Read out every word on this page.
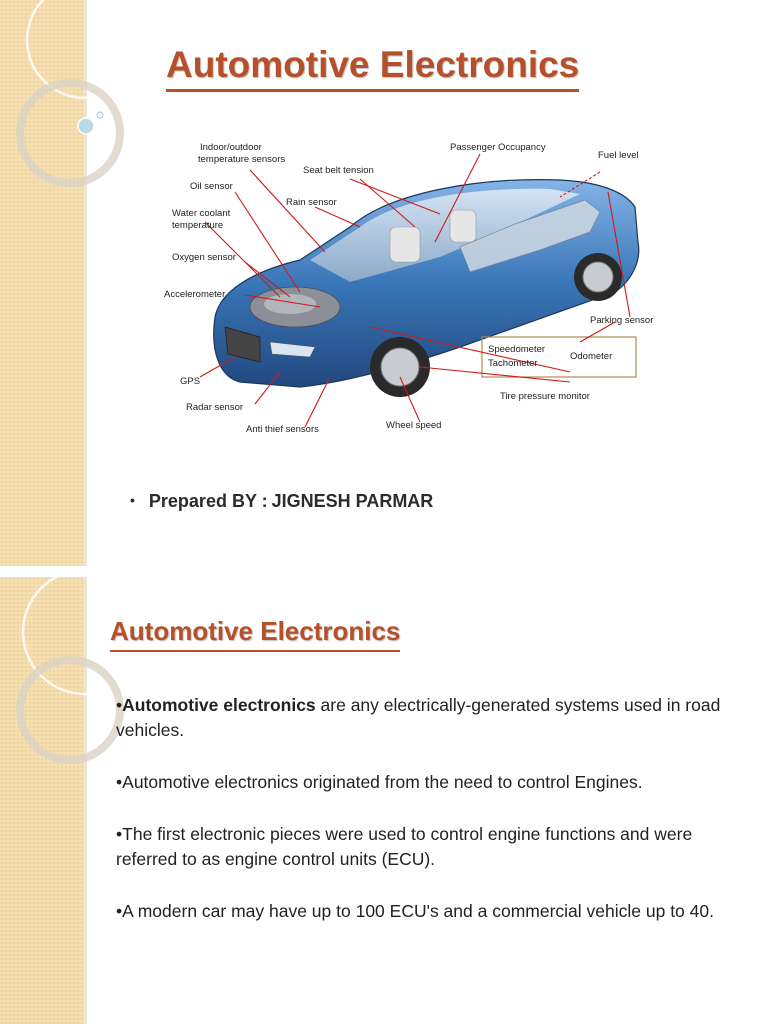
Automotive Electronics
Indoor/outdoor
temperature sensors
Passenger Occupancy
Fuel level
Seat belt tension
Oil sensor
Rain sensor
Water coolant
temperature
Oxygen sensor
Accelerometer
Parking sensor
Speedometer
Tachometer
Odometer
GPS
Tire pressure monitor
Radar sensor
Anti thief sensors	Wheel speed
• Prepared BY : JIGNESH PARMAR
Automotive Electronics

•Automotive electronics are any electrically-generated systems used in road vehicles.

•Automotive electronics originated from the need to control Engines.

•The first electronic pieces were used to control engine functions and were referred to as engine control units (ECU).

•A modern car may have up to 100 ECU's and a commercial vehicle up to 40.
